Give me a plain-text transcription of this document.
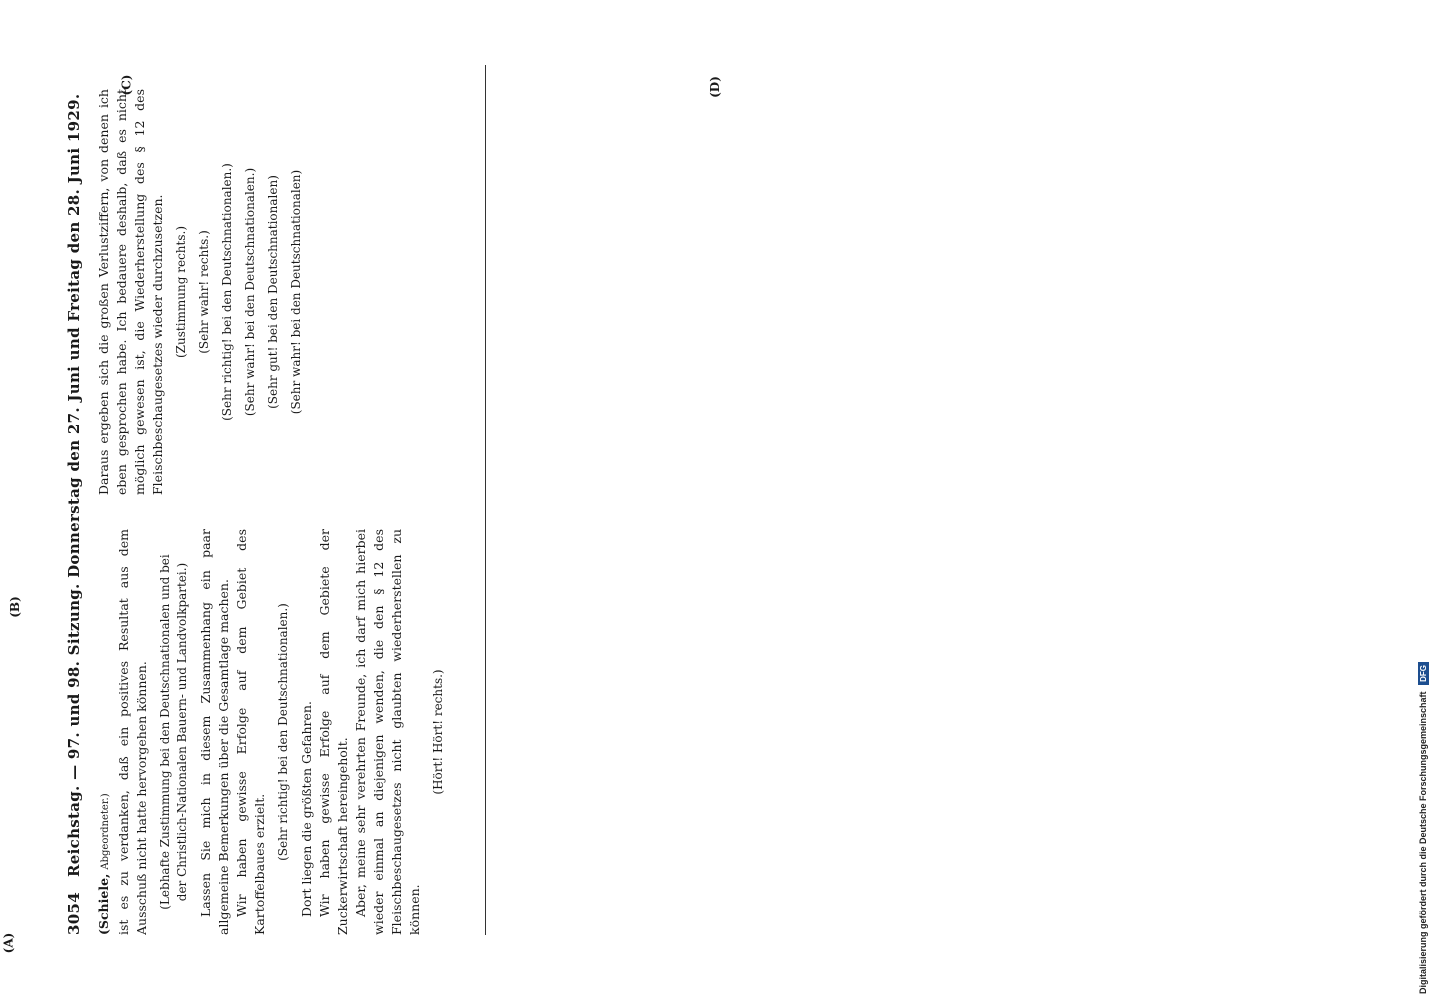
3054 Reichstag. — 97. und 98. Sitzung. Donnerstag den 27. Juni und Freitag den 28. Juni 1929.

(Schiele, Abgeordneter.) ist es zu verdanken, daß ein positives Resultat aus dem Ausschuß nicht hatte hervorgehen können. (Lebhafte Zustimmung bei den Deutschnationalen und bei der Christlich-Nationalen Bauern- und Landvolkpartei.) Lassen Sie mich in diesem Zusammenhang ein paar allgemeine Bemerkungen über die Gesamtlage machen. Wir haben gewisse Erfolge auf dem Gebiet des Kartoffelbaues erzielt.

(Sehr richtig! bei den Deutschnationalen.) Dort liegen die größten Gefahren. Wir haben gewisse Erfolge auf dem Gebiete der Zuckerwirtschaft hereingeholt. Aber, meine sehr verehrten Freunde, ich darf mich hierbei wieder einmal an diejenigen wenden, die den § 12 des Fleischbeschaugesetzes nicht glaubten wiederherstellen zu können.

(Hört! Hört! rechts.)

Daraus ergeben sich die großen Verlustziffern, von denen ich eben gesprochen habe. Ich bedauere deshalb, daß es nicht möglich gewesen ist, die Wiederherstellung des § 12 des Fleischbeschaugesetzes wieder durchzusetzen. (Zustimmung rechts.) (Sehr wahr! rechts.) (Sehr richtig! bei den Deutschnationalen.) (Sehr wahr! bei den Deutschnationalen.) (Sehr gut! bei den Deutschnationalen) (Sehr wahr! bei den Deutschnationalen)

(A)
(B)
(C)	(D)
Digitalisierung gefördert durch die Deutsche Forschungsgemeinschaft DFG
